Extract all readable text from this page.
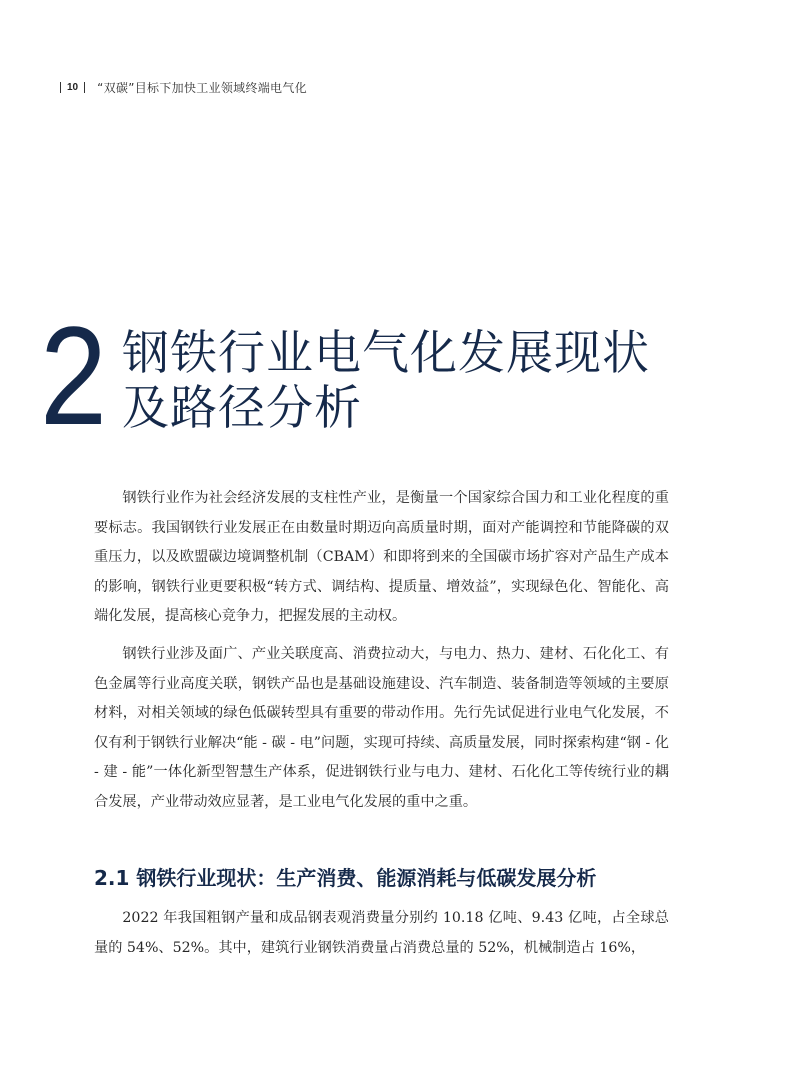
10 “双碳”目标下加快工业领域终端电气化
2 钢铁行业电气化发展现状
及路径分析

钢铁行业作为社会经济发展的支柱性产业，是衡量一个国家综合国力和工业化程度的重要标志。我国钢铁行业发展正在由数量时期迈向高质量时期，面对产能调控和节能降碳的双重压力，以及欧盟碳边境调整机制（CBAM）和即将到来的全国碳市场扩容对产品生产成本的影响，钢铁行业更要积极“转方式、调结构、提质量、增效益”，实现绿色化、智能化、高端化发展，提高核心竞争力，把握发展的主动权。

钢铁行业涉及面广、产业关联度高、消费拉动大，与电力、热力、建材、石化化工、有色金属等行业高度关联，钢铁产品也是基础设施建设、汽车制造、装备制造等领域的主要原材料，对相关领域的绿色低碳转型具有重要的带动作用。先行先试促进行业电气化发展，不仅有利于钢铁行业解决“能 - 碳 - 电”问题，实现可持续、高质量发展，同时探索构建“钢 - 化 - 建 - 能”一体化新型智慧生产体系，促进钢铁行业与电力、建材、石化化工等传统行业的耦合发展，产业带动效应显著，是工业电气化发展的重中之重。

2.1 钢铁行业现状：生产消费、能源消耗与低碳发展分析

2022 年我国粗钢产量和成品钢表观消费量分别约 10.18 亿吨、9.43 亿吨，占全球总量的 54%、52%。其中，建筑行业钢铁消费量占消费总量的 52%，机械制造占 16%，
